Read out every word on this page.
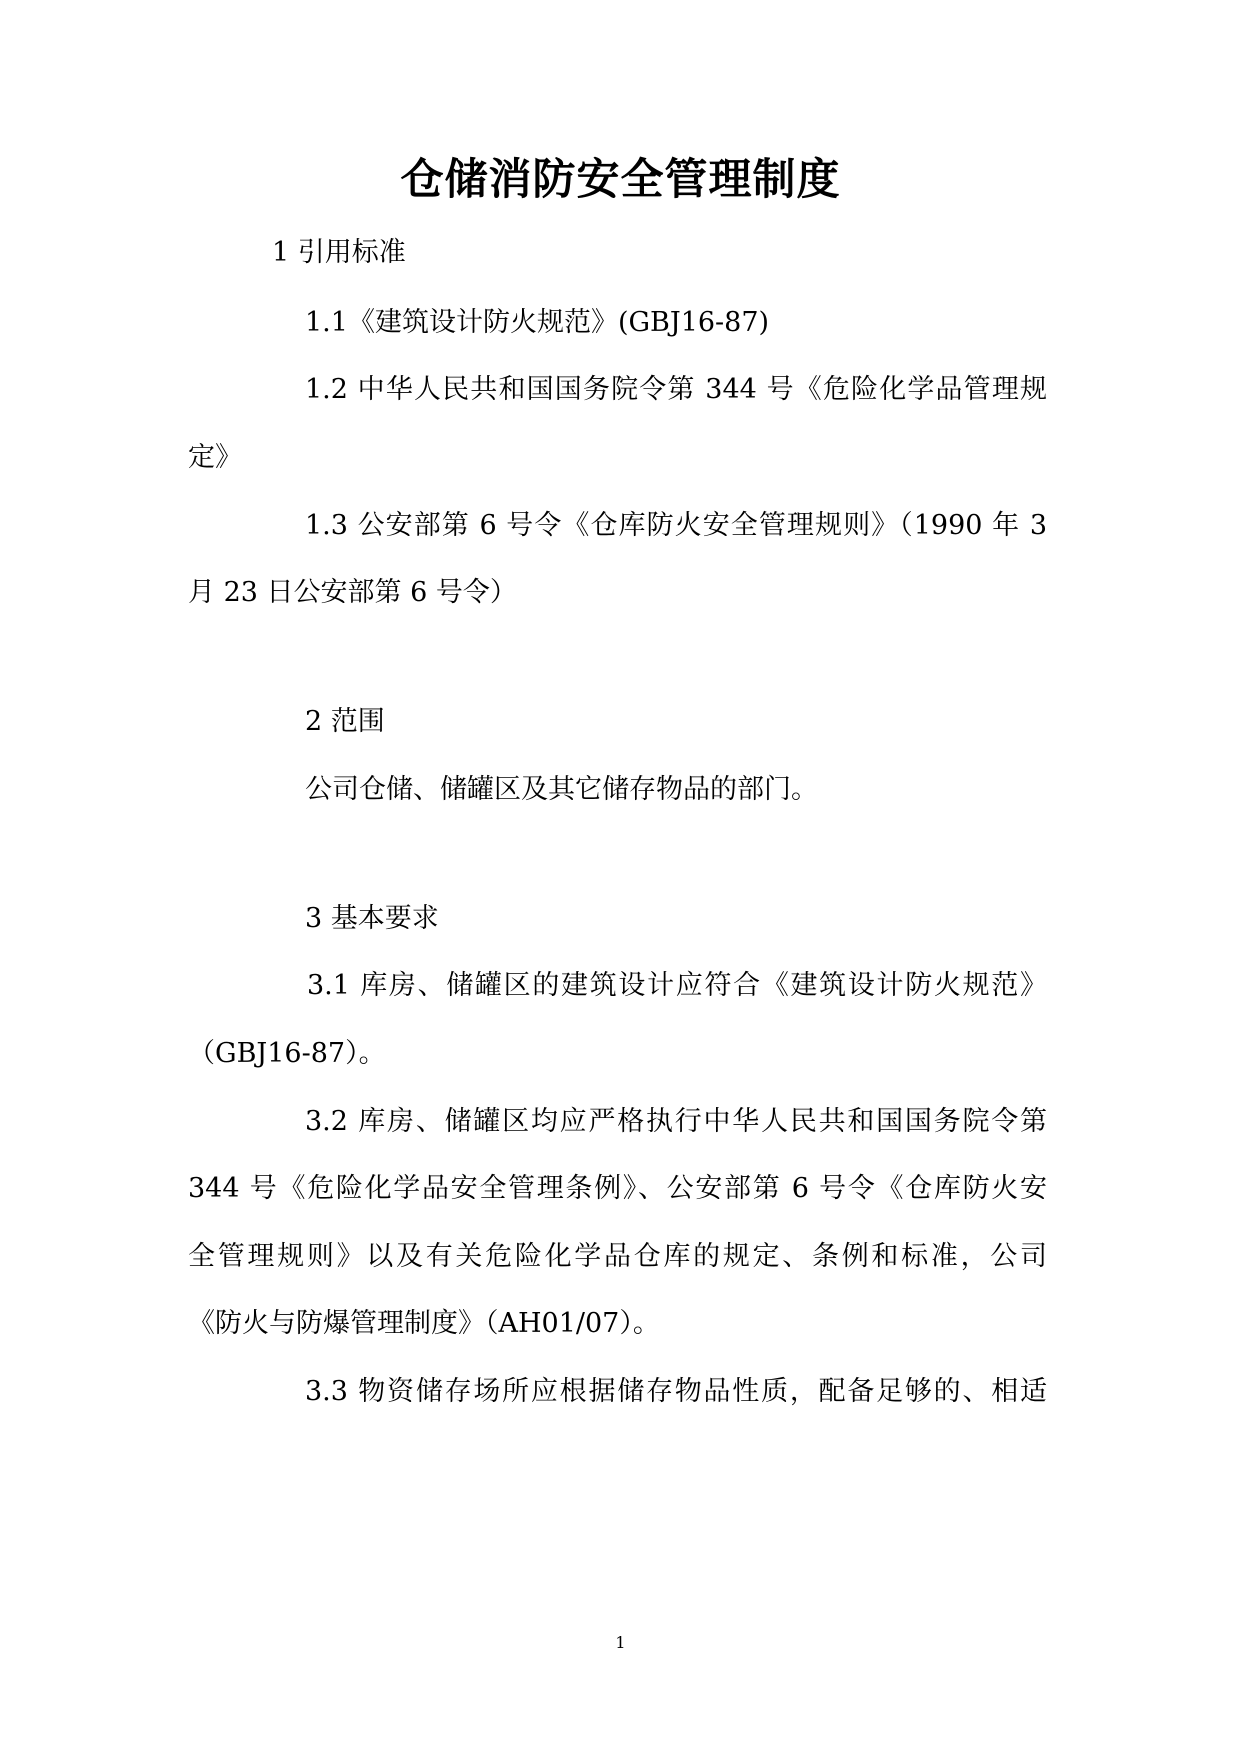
仓储消防安全管理制度
1 引用标准
1.1《建筑设计防火规范》(GBJ16-87)
1.2 中华人民共和国国务院令第 344 号《危险化学品管理规
定》
1.3 公安部第 6 号令《仓库防火安全管理规则》（1990 年 3
月 23 日公安部第 6 号令）
2 范围
公司仓储、储罐区及其它储存物品的部门。
3 基本要求
3.1 库房、储罐区的建筑设计应符合《建筑设计防火规范》
（GBJ16-87）。
3.2 库房、储罐区均应严格执行中华人民共和国国务院令第
344 号《危险化学品安全管理条例》、公安部第 6 号令《仓库防火安
全管理规则》以及有关危险化学品仓库的规定、条例和标准，公司
《防火与防爆管理制度》（AH01/07）。
3.3 物资储存场所应根据储存物品性质，配备足够的、相适
1
